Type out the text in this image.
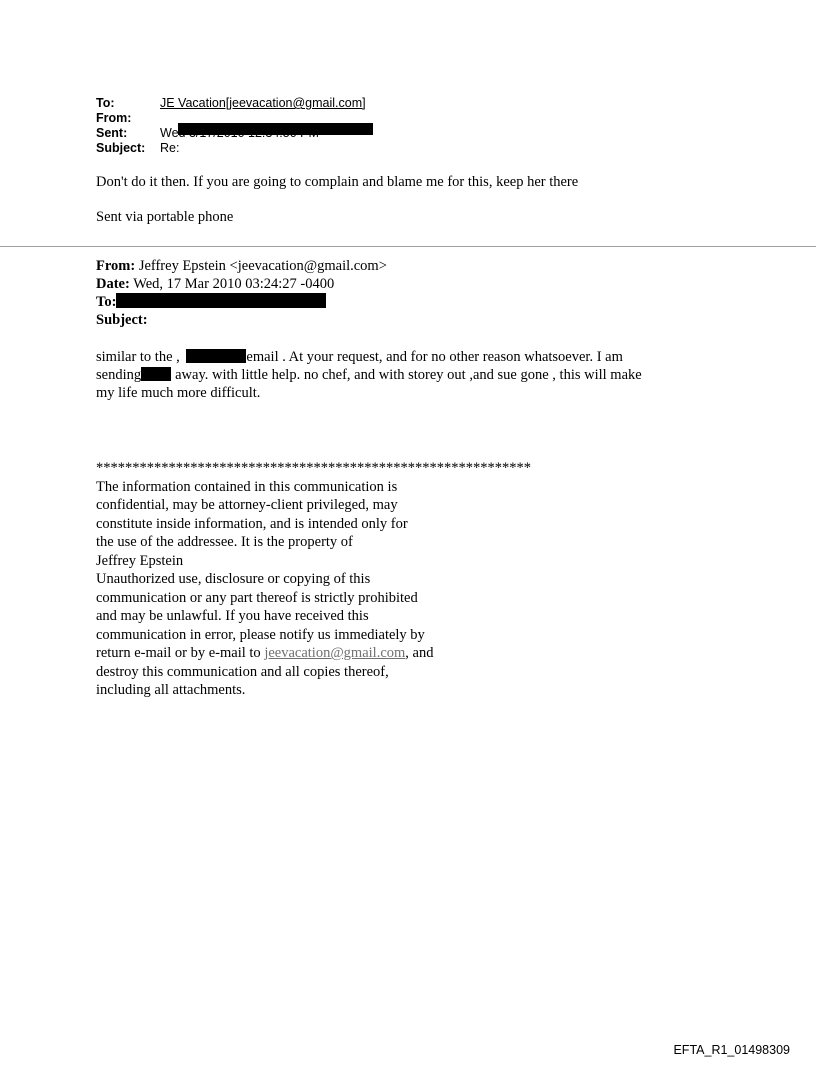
To:	JE Vacation[jeevacation@gmail.com]
From:
Sent:	Wed 3/17/2010 12:34:50 PM
Subject:	Re:
Don't do it then. If you are going to complain and blame me for this, keep her there
Sent via portable phone
From: Jeffrey Epstein <jeevacation@gmail.com>
Date: Wed, 17 Mar 2010 03:24:27 -0400
To:
Subject:
similar to the ,	email . At your request, and for no other reason whatsoever. I am
sending away. with little help. no chef, and with storey out ,and sue gone , this will make
my life much more difficult.
************************************************************
The information contained in this communication is
confidential, may be attorney-client privileged, may
constitute inside information, and is intended only for
the use of the addressee. It is the property of
Jeffrey Epstein
Unauthorized use, disclosure or copying of this
communication or any part thereof is strictly prohibited
and may be unlawful. If you have received this
communication in error, please notify us immediately by
return e-mail or by e-mail to jeevacation@gmail.com, and
destroy this communication and all copies thereof,
including all attachments.
EFTA_R1_01498309
